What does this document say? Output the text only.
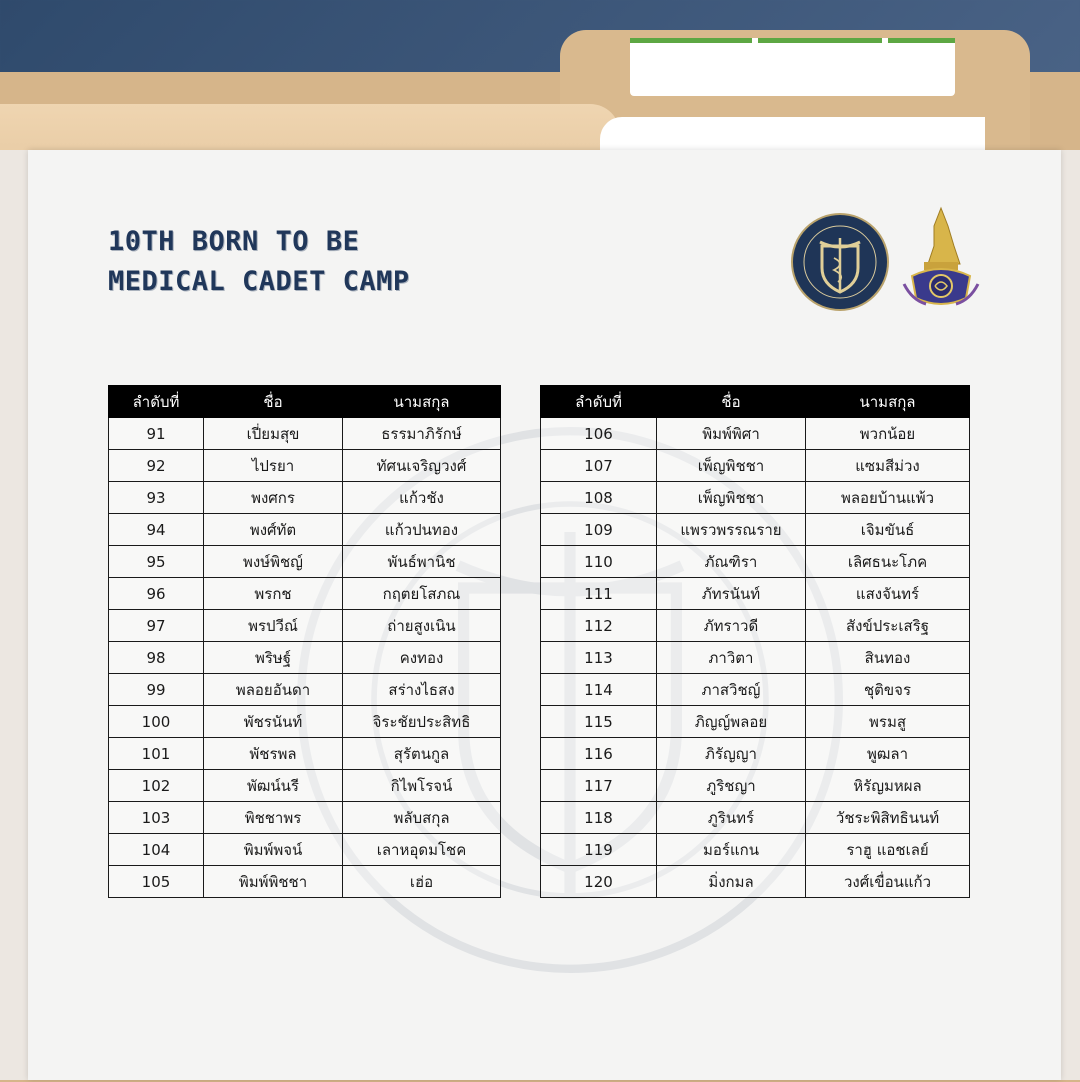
10TH BORN TO BE
MEDICAL CADET CAMP
ลำดับที่	ชื่อ	นามสกุล
91	เปี่ยมสุข	ธรรมาภิรักษ์
92	ไปรยา	ทัศนเจริญวงศ์
93	พงศกร	แก้วชัง
94	พงศ์ทัต	แก้วปนทอง
95	พงษ์พิชญ์	พันธ์พานิช
96	พรกช	กฤตยโสภณ
97	พรปวีณ์	ถ่ายสูงเนิน
98	พริษฐ์	คงทอง
99	พลอยอันดา	สร่างไธสง
100	พัชรนันท์	จิระชัยประสิทธิ
101	พัชรพล	สุรัตนกูล
102	พัฒน์นรี	กิไพโรจน์
103	พิชชาพร	พลับสกุล
104	พิมพ์พจน์	เลาหอุดมโชค
105	พิมพ์พิชชา	เฮ่อ
ลำดับที่	ชื่อ	นามสกุล
106	พิมพ์พิศา	พวกน้อย
107	เพ็ญพิชชา	แซมสีม่วง
108	เพ็ญพิชชา	พลอยบ้านแพ้ว
109	แพรวพรรณราย	เจิมขันธ์
110	ภัณฑิรา	เลิศธนะโภค
111	ภัทรนันท์	แสงจันทร์
112	ภัทราวดี	สังข์ประเสริฐ
113	ภาวิตา	สินทอง
114	ภาสวิชญ์	ชุติขจร
115	ภิญญ์พลอย	พรมสู
116	ภิรัญญา	พูฒลา
117	ภูริชญา	หิรัญมหผล
118	ภูรินทร์	วัชระพิสิทธินนท์
119	มอร์แกน	ราฮู แอชเลย์
120	มิ่งกมล	วงศ์เขื่อนแก้ว
